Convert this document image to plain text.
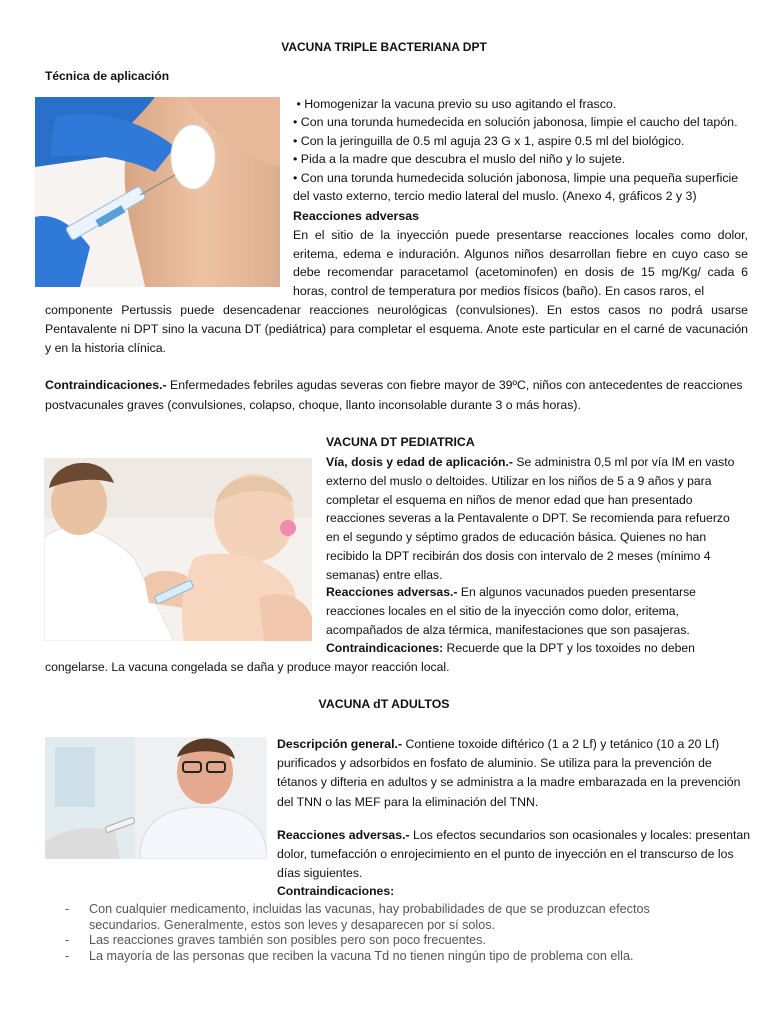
VACUNA TRIPLE BACTERIANA DPT
Técnica de aplicación
• Homogenizar la vacuna previo su uso agitando el frasco.
• Con una torunda humedecida en solución jabonosa, limpie el caucho del tapón.
• Con la jeringuilla de 0.5 ml aguja 23 G x 1, aspire 0.5 ml del biológico.
• Pida a la madre que descubra el muslo del niño y lo sujete.
• Con una torunda humedecida solución jabonosa, limpie una pequeña superficie del vasto externo, tercio medio lateral del muslo. (Anexo 4, gráficos 2 y 3)
Reacciones adversas
En el sitio de la inyección puede presentarse reacciones locales como dolor, eritema, edema e induración. Algunos niños desarrollan fiebre en cuyo caso se debe recomendar paracetamol (acetominofen) en dosis de 15 mg/Kg/ cada 6 horas, control de temperatura por medios físicos (baño). En casos raros, el
componente Pertussis puede desencadenar reacciones neurológicas (convulsiones). En estos casos no podrá usarse Pentavalente ni DPT sino la vacuna DT (pediátrica) para completar el esquema. Anote este particular en el carné de vacunación y en la historia clínica.
Contraindicaciones.- Enfermedades febriles agudas severas con fiebre mayor de 39ºC, niños con antecedentes de reacciones postvacunales graves (convulsiones, colapso, choque, llanto inconsolable durante 3 o más horas).
VACUNA DT PEDIATRICA
Vía, dosis y edad de aplicación.- Se administra 0,5 ml por vía IM en vasto externo del muslo o deltoides. Utilizar en los niños de 5 a 9 años y para completar el esquema en niños de menor edad que han presentado reacciones severas a la Pentavalente o DPT. Se recomienda para refuerzo en el segundo y séptimo grados de educación básica. Quienes no han recibido la DPT recibirán dos dosis con intervalo de 2 meses (mínimo 4 semanas) entre ellas.
Reacciones adversas.- En algunos vacunados pueden presentarse reacciones locales en el sitio de la inyección como dolor, eritema, acompañados de alza térmica, manifestaciones que son pasajeras.
Contraindicaciones: Recuerde que la DPT y los toxoides no deben
congelarse. La vacuna congelada se daña y produce mayor reacción local.
VACUNA dT ADULTOS
Descripción general.- Contiene toxoide diftérico (1 a 2 Lf) y tetánico (10 a 20 Lf) purificados y adsorbidos en fosfato de aluminio. Se utiliza para la prevención de tétanos y difteria en adultos y se administra a la madre embarazada en la prevención del TNN o las MEF para la eliminación del TNN.
Reacciones adversas.- Los efectos secundarios son ocasionales y locales: presentan dolor, tumefacción o enrojecimiento en el punto de inyección en el transcurso de los días siguientes.
Contraindicaciones:
- Con cualquier medicamento, incluidas las vacunas, hay probabilidades de que se produzcan efectos secundarios. Generalmente, estos son leves y desaparecen por sí solos.
- Las reacciones graves también son posibles pero son poco frecuentes.
- La mayoría de las personas que reciben la vacuna Td no tienen ningún tipo de problema con ella.
